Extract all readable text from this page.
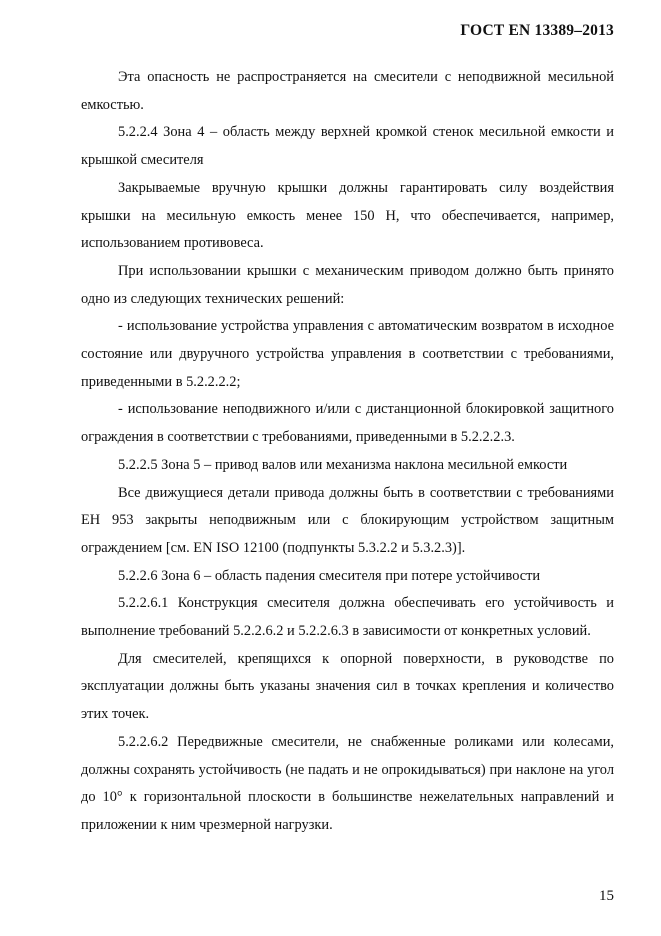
ГОСТ EN 13389–2013

Эта опасность не распространяется на смесители с неподвижной месильной емкостью.

5.2.2.4 Зона 4 – область между верхней кромкой стенок месильной емкости и крышкой смесителя

Закрываемые вручную крышки должны гарантировать силу воздействия крышки на месильную емкость менее 150 Н, что обеспечивается, например, использованием противовеса.

При использовании крышки с механическим приводом должно быть принято одно из следующих технических решений:

- использование устройства управления с автоматическим возвратом в исходное состояние или двуручного устройства управления в соответствии с требованиями, приведенными в 5.2.2.2.2;

- использование неподвижного и/или с дистанционной блокировкой защитного ограждения в соответствии с требованиями, приведенными в 5.2.2.2.3.

5.2.2.5 Зона 5 – привод валов или механизма наклона месильной емкости

Все движущиеся детали привода должны быть в соответствии с требованиями ЕН 953 закрыты неподвижным или с блокирующим устройством защитным ограждением [см. EN ISO 12100 (подпункты 5.3.2.2 и 5.3.2.3)].

5.2.2.6 Зона 6 – область падения смесителя при потере устойчивости

5.2.2.6.1 Конструкция смесителя должна обеспечивать его устойчивость и выполнение требований 5.2.2.6.2 и 5.2.2.6.3 в зависимости от конкретных условий.

Для смесителей, крепящихся к опорной поверхности, в руководстве по эксплуатации должны быть указаны значения сил в точках крепления и количество этих точек.

5.2.2.6.2 Передвижные смесители, не снабженные роликами или колесами, должны сохранять устойчивость (не падать и не опрокидываться) при наклоне на угол до 10° к горизонтальной плоскости в большинстве нежелательных направлений и приложении к ним чрезмерной нагрузки.

15
